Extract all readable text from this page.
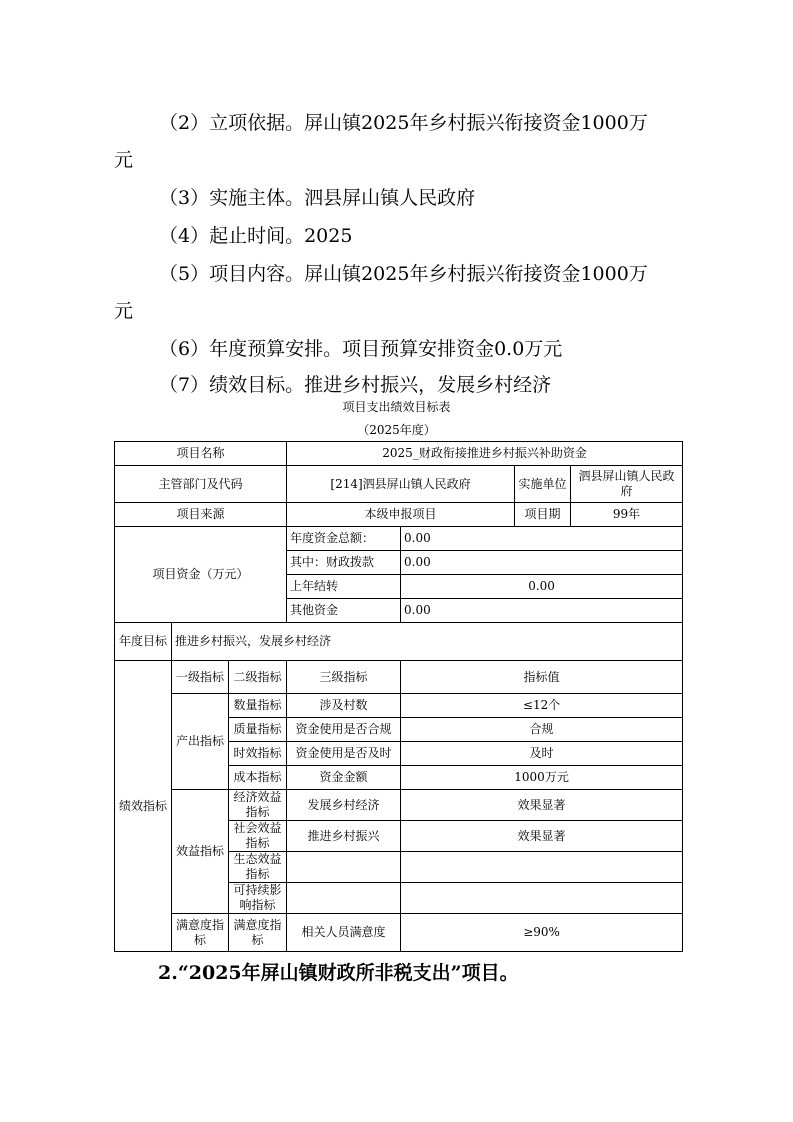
（2）立项依据。屏山镇2025年乡村振兴衔接资金1000万
元
（3）实施主体。泗县屏山镇人民政府
（4）起止时间。2025
（5）项目内容。屏山镇2025年乡村振兴衔接资金1000万
元
（6）年度预算安排。项目预算安排资金0.0万元
（7）绩效目标。推进乡村振兴，发展乡村经济
项目支出绩效目标表
（2025年度）
项目名称			2025_财政衔接推进乡村振兴补助资金			
主管部门及代码			[214]泗县屏山镇人民政府		实施单位	泗县屏山镇人民政府
项目来源			本级申报项目		项目期	99年
项目资金（万元）			年度资金总额：	0.00		
			其中：财政拨款	0.00		
			上年结转	0.00		
			其他资金	0.00		
年度目标	推进乡村振兴，发展乡村经济					
绩效指标	一级指标	二级指标	三级指标	指标值		
	产出指标	数量指标	涉及村数	≤12个		
		质量指标	资金使用是否合规	合规		
		时效指标	资金使用是否及时	及时		
		成本指标	资金金额	1000万元		
	效益指标	经济效益指标	发展乡村经济	效果显著		
		社会效益指标	推进乡村振兴	效果显著		
		生态效益指标				
		可持续影响指标				
	满意度指标	满意度指标	相关人员满意度	≥90%		
2.“2025年屏山镇财政所非税支出”项目。
